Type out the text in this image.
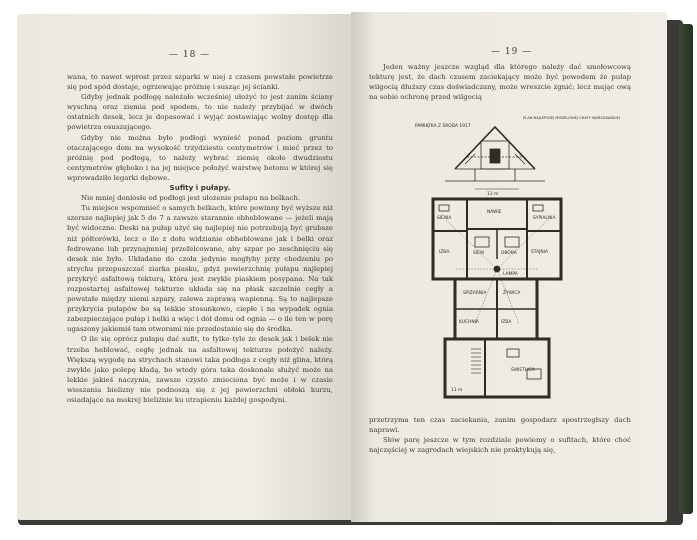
— 18 —

wana, to nawet wprost przez szparki w niej z czasem powstałe powietrze się pod spód dostaje, ogrzewając próżnię i susząc jej ścianki.

Gdyby jednak podłogę należało wcześniej ułożyć to jest zanim ściany wyschną oraz ziemia pod spodem, to nie należy przybijać w dwóch ostatnich desek, lecz je dopasować i wyjąć zostawiając wolny dostęp dla powietrza osuszającego.

Gdyby nie można było podłogi wynieść ponad poziom gruntu otaczającego dom na wysokość trzydziestu centymetrów i mieć przez to próżnię pod podłogą, to należy wybrać ziemię około dwudziestu centymetrów głęboko i na jej miejsce położyć warstwę betonu w której się wprowadziło legarki dębowe.

Sufity i pułapy.

Nie mniej doniosłe od podłogi jest ułożenie pułapu na belkach.

Tu miejsce wspomnieć o samych belkach, które powinny być wyższe niż szersze najlepiej jak 5 do 7 a zawsze starannie obheblowane — jeżeli mają być widoczne. Deski na pułap użyć się najlepiej nie potrzebują być grubsze niż półtorówki, lecz o ile z dołu widzianie obheblowane jak i belki oraz fedrowane lub przynajmniej przefelcowane, aby szpar po zeschnięciu się desek nie było. Układane do czoła jedynie mogłyby przy chodzeniu po strychu przepuszczać ziarka piasku, gdyż powierzchnię pułapu najlepiej przykryć asfaltową tekturą, która jest zwykle piaskiem posypana. Na tak rozpostartej asfaltowej tekturze układa się na płask szczelnie cegły a powstałe między niemi szpary, zalewa zaprawą wapienną. Są to najlepsze przykrycia pułapów bo są lekkie stosunkowo, ciepłe i na wypadek ognia zabezpieczające pułap i belki a więc i dół domu od ognia — o ile ten w porę ugaszony jakiemiś tam otworami nie przedostanie się do środka.

O ile się oprócz pułapu dać sufit, to tylko tyle że desek jak i belek nie trzeba heblować, cegłę jednak na asfaltowej tekturze położyć należy. Większą wygodę na strychach stanowi taka podłoga z cegły niż glina, którą zwykle jako polepę kładą, bo wtedy góra taka doskonale służyć może na lekkie jakieś naczynia, zawsze czysto zmieciona być może i w czasie wieszania bielizny nie podnoszą się z jej powierzchni obłoki kurzu, osiadające na mokrej bieliźnie ku utrapieniu każdej gospodyni.

— 19 —

Jeden ważny jeszcze wzgląd dla którego należy dać smołowcową tekturę jest, że dach czasem zaciekający może być powodem że pułap wilgocią dłuższy czas doświadczany, może wreszcie zgnić; lecz mając ową na sobie ochronę przed wilgocią

PAMIĄTKA Z ŚRODA 1917
PLAN NAJLEPSZEJ MODELOWEJ CHATY WARSZAWSKIEJ
13 m
SIENIA
NAWIE
SYPIALNIA
IZBA	SIEW	OBORA	STAJNIA
LAMPA
SPIŻARNIA	ŻYWICA
KUCHNIA	IZBA
ŚWIETLICA
11 m

przetrzyma ten czas zaciekania, zanim gospodarz spostrzegłszy dach naprawi.

Słów parę jeszcze w tym rozdziale powiemy o sufitach, które choć najczęściej w zagrodach wiejskich nie praktykują się,
